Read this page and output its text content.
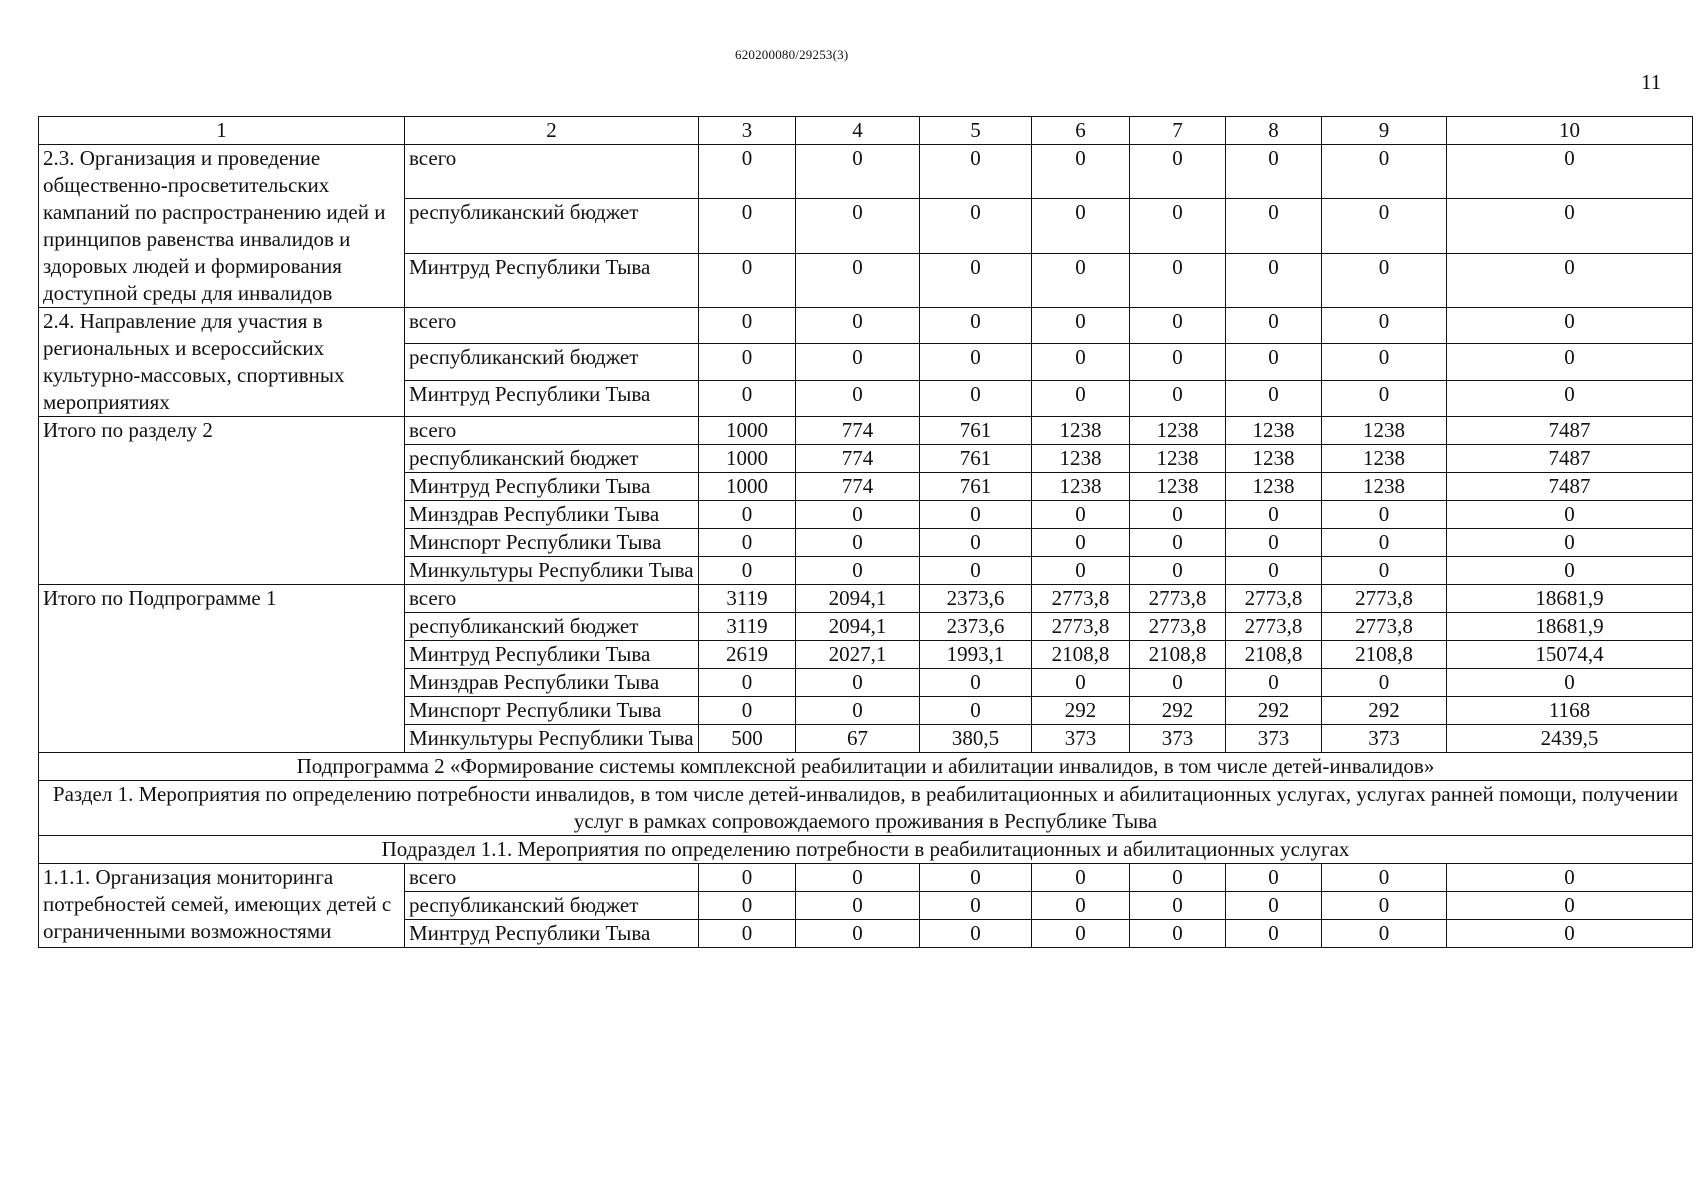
620200080/29253(3)
11
1	2	3	4	5	6	7	8	9	10
2.3. Организация и проведение общественно-просветительских кампаний по распространению идей и принципов равенства инвалидов и здоровых людей и формирования доступной среды для инвалидов	всего	0	0	0	0	0	0	0	0
	республиканский бюджет	0	0	0	0	0	0	0	0
	Минтруд Республики Тыва	0	0	0	0	0	0	0	0
2.4. Направление для участия в региональных и всероссийских культурно-массовых, спортивных мероприятиях	всего	0	0	0	0	0	0	0	0
	республиканский бюджет	0	0	0	0	0	0	0	0
	Минтруд Республики Тыва	0	0	0	0	0	0	0	0
Итого по разделу 2	всего	1000	774	761	1238	1238	1238	1238	7487
	республиканский бюджет	1000	774	761	1238	1238	1238	1238	7487
	Минтруд Республики Тыва	1000	774	761	1238	1238	1238	1238	7487
	Минздрав Республики Тыва	0	0	0	0	0	0	0	0
	Минспорт Республики Тыва	0	0	0	0	0	0	0	0
	Минкультуры Республики Тыва	0	0	0	0	0	0	0	0
Итого по Подпрограмме 1	всего	3119	2094,1	2373,6	2773,8	2773,8	2773,8	2773,8	18681,9
	республиканский бюджет	3119	2094,1	2373,6	2773,8	2773,8	2773,8	2773,8	18681,9
	Минтруд Республики Тыва	2619	2027,1	1993,1	2108,8	2108,8	2108,8	2108,8	15074,4
	Минздрав Республики Тыва	0	0	0	0	0	0	0	0
	Минспорт Республики Тыва	0	0	0	292	292	292	292	1168
	Минкультуры Республики Тыва	500	67	380,5	373	373	373	373	2439,5
Подпрограмма 2 «Формирование системы комплексной реабилитации и абилитации инвалидов, в том числе детей-инвалидов»									
Раздел 1. Мероприятия по определению потребности инвалидов, в том числе детей-инвалидов, в реабилитационных и абилитационных услугах, услугах ранней помощи, получении услуг в рамках сопровождаемого проживания в Республике Тыва									
Подраздел 1.1. Мероприятия по определению потребности в реабилитационных и абилитационных услугах									
1.1.1. Организация мониторинга потребностей семей, имеющих детей с ограниченными возможностями	всего	0	0	0	0	0	0	0	0
	республиканский бюджет	0	0	0	0	0	0	0	0
	Минтруд Республики Тыва	0	0	0	0	0	0	0	0
